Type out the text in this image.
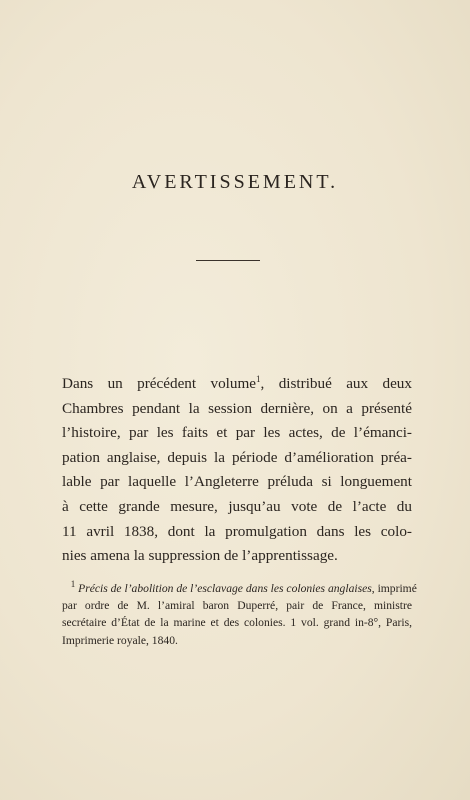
AVERTISSEMENT.
Dans un précédent volume$^1$, distribué aux deux
Chambres pendant la session dernière, on a présenté
l’histoire, par les faits et par les actes, de l’émanci-
pation anglaise, depuis la période d’amélioration préa-
lable par laquelle l’Angleterre préluda si longuement
à cette grande mesure, jusqu’au vote de l’acte du
11 avril 1838, dont la promulgation dans les colo-
nies amena la suppression de l’apprentissage.
$^1$ Précis de l’abolition de l’esclavage dans les colonies anglaises, imprimé
par ordre de M. l’amiral baron Duperré, pair de France, ministre
secrétaire d’État de la marine et des colonies. 1 vol. grand in-8°, Paris,
Imprimerie royale, 1840.
